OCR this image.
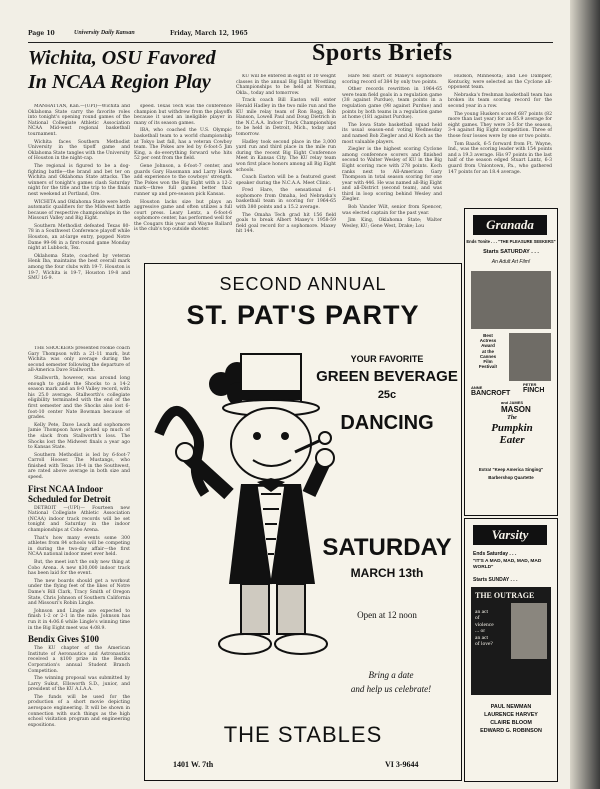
Page 10	University Daily Kansan	Friday, March 12, 1965
Wichita, OSU Favored In NCAA Region Play

MANHATTAN, Kan.—(UPI)—Wichita and Oklahoma State carry the favorite roles into tonight's opening round games of the National Collegiate Athletic Association NCAA Mid-west regional basketball tournament.

Wichita faces Southern Methodist University in the tipoff game and Oklahoma State tangles with the University of Houston in the night-cap.

The regional is figured to be a dog-fighting battle—the brand and bet ter on Wichita and Oklahoma State attacks. The winners of tonight's games clash Saturday night for the title and the trip to the finals next weekend at Portland, Ore.

WICHITA and Oklahoma State were both automatic qualifiers for the Midwest battle because of respective championships in the Missouri Valley and Big Eight.

Southern Methodist defeated Texas 80-78 in a Southwest Conference playoff while Houston, an at-large entry, popped Notre Dame 99-98 in a first-round game Monday night at Lubbock, Tex.

Oklahoma State, coached by veteran Henk Iba, maintains the best overall mark among the four clubs with 19-7. Houston is 19-7, Wichita is 19-7, Houston 19-8 and SMU 16-9.

speed. Texas Tech was the conference champion but withdrew from the playoffs because it used an ineligible player in many of its season games.

IBA, who coached the U.S. Olympic basketball team to a world championship at Tokyo last fall, has a veteran Cowboy team. The Pokes are led by 6-foot-5 Jim King, a do-everything forward who hits 52 per cent from the field.

Gene Johnson, a 6-foot-7 center, and guards Gary Hassmann and Larry Hawk add experience to the cowboys' strength. The Pokes won the Big Eight with a 12-2 mark—three full games better than runner up and pre-season pick Kansas.

Houston lacks size but plays an aggressive game and often utilizes a full court press. Leary Lentz, a 6-foot-6 sophomore center, has performed well for the Cougars this year and Wayne Ballard is the club's top outside shooter.

THE SHOCKERS presented rookie coach Gary Thompson with a 21-11 mark, but Wichita was only average during the second semester following the departure of all-America Dave Stallworth.

Stallworth, however, was around long enough to guide the Shocks to a 14-2 season mark and an 8-0 Valley record, with his 25.0 average. Stallworth's collegiate eligibility terminated with the end of the first semester and the Shocks also lost 6-foot-10 center Nate Bowman because of grades.

Kelly Pete, Dave Leach and sophomore Jamie Thompson have picked up much of the slack from Stallworth's loss. The Shocks lost the Midwest finals a year ago to Kansas State.

Southern Methodist is led by 6-foot-7 Carroll Hooser. The Mustangs, who finished with Texas 10-4 in the Southwest, are rated above average in both size and speed.

First NCAA Indoor Scheduled for Detroit

DETROIT —(UPI)— Fourteen new National Collegiate Athletic Association (NCAA) indoor track records will be set tonight and Saturday in the indoor championships at Cobo Arena.

That's how many events some 300 athletes from 84 schools will be competing in during the two-day affair—the first NCAA national indoor meet ever held.

But, the meet isn't the only new thing at Cobo Arena. A new $30,000 indoor track has been laid for the event.

The new boards should get a workout under the flying feet of the likes of Notre Dame's Bill Clark, Tracy Smith of Oregon State, Chris Johnson of Southern California and Missouri's Robin Lingle.

Johnson and Lingle are expected to finish 1-2 or 2-1 in the mile. Johnson has run it in 4:06.6 while Lingle's winning time in the Big Eight meet was 4:08.9.

Bendix Gives $100

The KU chapter of the American Institute of Aeronautics and Astronautics received a $100 prize in the Bendix Corporation's annual Student Branch Competition.

The winning proposal was submitted by Larry Sukut, Ellsworth S.D., junior, and president of the KU A.I.A.A.

The funds will be used for the production of a short movie depicting aerospace engineering. It will be shown in connection with such things as the high school visitation program and engineering expositions.

Sports Briefs

KU will be entered in eight of 10 weight classes in the annual Big Eight Wrestling Championships to be held at Norman, Okla., today and tomorrow.

Track coach Bill Easton will enter Herald Hadley in the two mile run and the KU mile relay team of Ron Rogg, Bob Hanson, Lowell Paul and Doug Dietrich in the N.C.A.A. Indoor Track Championships to be held in Detroit, Mich., today and tomorrow.

Hadley took second place in the 3,000 yard run and third place in the mile run during the recent Big Eight Conference Meet in Kansas City. The KU relay team won first place honors among all Big Eight schools.

Coach Easton will be a featured guest speaker during the N.C.A.A. Meet Clinic.

Fred Hare, the sensational 6-1 sophomore from Omaha, led Nebraska's basketball team in scoring for 1964-65 with 380 points and a 15.2 average.

The Omaha Tech grad hit 156 field goals to break Albert Maxey's 1958-59 field goal record for a sophomore. Maxey hit 144.

Hare fell short of Maxey's sophomore scoring record of 384 by only two points.

Other records rewritten in 1964-65 were team field goals in a regulation game (38 against Purdue), team points in a regulation game (98 against Purdue) and points by both teams in a regulation game at home (181 against Purdue).

The Iowa State basketball squad held its usual season-end voting Wednesday and named Bob Ziegler and Al Koch as the most valuable players.

Ziegler is the highest scoring Cyclone among conference scorers and finished second to Walter Wesley of KU in the Big Eight scoring race with 278 points. Koch ranks next to All-American Gary Thompson in total season scoring for one year with 446. He was named all-Big Eight and all-District (second team), and was third in loop scoring behind Wesley and Ziegler.

Bob Vander Wilt, senior from Spencer, was elected captain for the past year.

Jim King, Oklahoma State; Walter Wesley, KU; Gene West, Drake; Lou

Hudson, Minnesota; and Leo Dampier, Kentucky, were selected as the Cyclone all-opponent team.

Nebraska's freshman basketball team has broken its team scoring record for the second year in a row.

The young Huskers scored 687 points (82 more than last year) for an 85.9 average for eight games. They were 3-5 for the season, 3-4 against Big Eight competition. Three of those four losses were by one or two points.

Tom Baack, 6-5 forward from Ft. Wayne, Ind., was the scoring leader with 154 points and a 19.3 average. His 97 points in the last half of the season edged Stuart Lantz, 6-3 guard from Uniontown, Pa., who gathered 147 points for an 18.4 average.

SECOND ANNUAL
ST. PAT'S PARTY
YOUR FAVORITE
GREEN BEVERAGE
25c
DANCING
SATURDAY
MARCH 13th
Open at 12 noon
Bring a date
and help us celebrate!
THE STABLES
1401 W. 7th	VI 3-9644
Granada
Ends Tonite . . . "THE PLEASURE SEEKERS"
Starts SATURDAY . . .
An Adult Art Film!
Best
Actress
Award
at the
Cannes
Film
Festival!
ANNE
BANCROFT
PETER
FINCH
and JAMES
MASON
The
Pumpkin
Eater
Extra! "Keep America Singing"
Barbershop Quartette
Varsity
Ends Saturday . . .
"IT'S A MAD, MAD, MAD, MAD WORLD"
Starts SUNDAY . . .
THE OUTRAGE
an act
of
violence
... or
an act
of love?
PAUL NEWMAN
LAURENCE HARVEY
CLAIRE BLOOM
EDWARD G. ROBINSON
